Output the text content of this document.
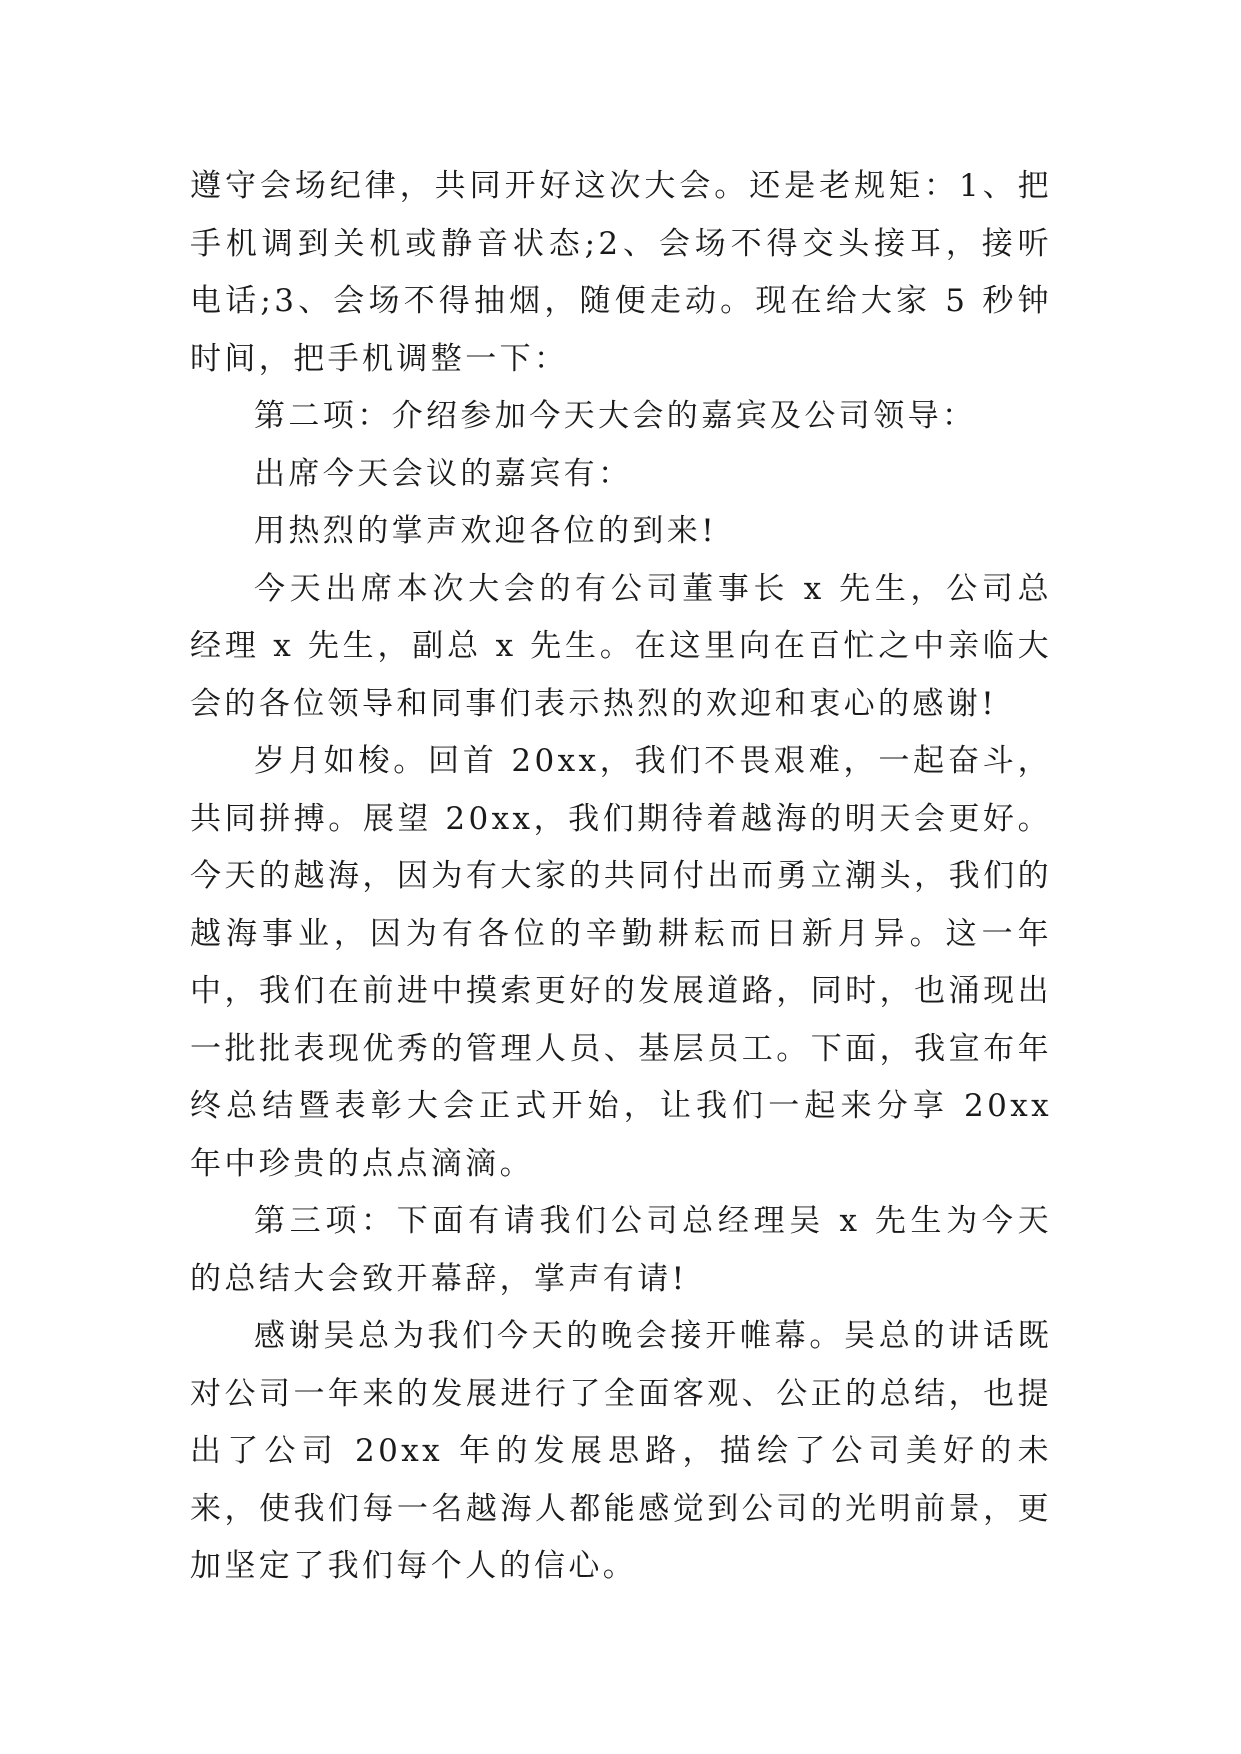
遵守会场纪律，共同开好这次大会。还是老规矩：1、把手机调到关机或静音状态;2、会场不得交头接耳，接听电话;3、会场不得抽烟，随便走动。现在给大家 5 秒钟时间，把手机调整一下：

第二项：介绍参加今天大会的嘉宾及公司领导：

出席今天会议的嘉宾有：

用热烈的掌声欢迎各位的到来!

今天出席本次大会的有公司董事长 x 先生，公司总经理 x 先生，副总 x 先生。在这里向在百忙之中亲临大会的各位领导和同事们表示热烈的欢迎和衷心的感谢!

岁月如梭。回首 20xx，我们不畏艰难，一起奋斗，共同拼搏。展望 20xx，我们期待着越海的明天会更好。今天的越海，因为有大家的共同付出而勇立潮头，我们的越海事业，因为有各位的辛勤耕耘而日新月异。这一年中，我们在前进中摸索更好的发展道路，同时，也涌现出一批批表现优秀的管理人员、基层员工。下面，我宣布年终总结暨表彰大会正式开始，让我们一起来分享 20xx 年中珍贵的点点滴滴。

第三项：下面有请我们公司总经理吴 x 先生为今天的总结大会致开幕辞，掌声有请!

感谢吴总为我们今天的晚会接开帷幕。吴总的讲话既对公司一年来的发展进行了全面客观、公正的总结，也提出了公司 20xx 年的发展思路，描绘了公司美好的未来，使我们每一名越海人都能感觉到公司的光明前景，更加坚定了我们每个人的信心。
